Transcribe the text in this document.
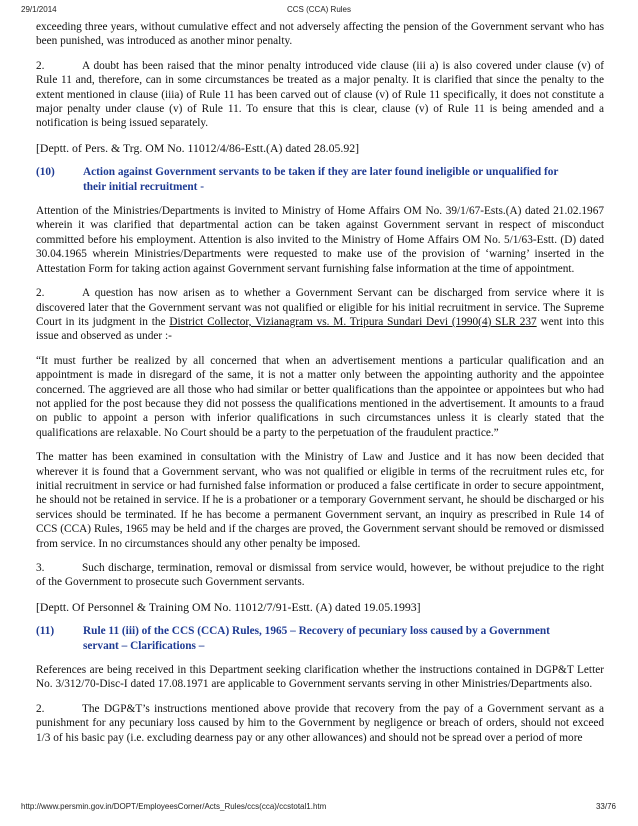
29/1/2014	CCS (CCA) Rules

exceeding three years, without cumulative effect and not adversely affecting the pension of the Government servant who has been punished, was introduced as another minor penalty.

2.	A doubt has been raised that the minor penalty introduced vide clause (iii a) is also covered under clause (v) of Rule 11 and, therefore, can in some circumstances be treated as a major penalty. It is clarified that since the penalty to the extent mentioned in clause (iiia) of Rule 11 has been carved out of clause (v) of Rule 11 specifically, it does not constitute a major penalty under clause (v) of Rule 11. To ensure that this is clear, clause (v) of Rule 11 is being amended and a notification is being issued separately.

[Deptt. of Pers. & Trg. OM No. 11012/4/86-Estt.(A) dated 28.05.92]
(10) Action against Government servants to be taken if they are later found ineligible or unqualified for
their initial recruitment -

Attention of the Ministries/Departments is invited to Ministry of Home Affairs OM No. 39/1/67-Ests.(A) dated 21.02.1967 wherein it was clarified that departmental action can be taken against Government servant in respect of misconduct committed before his employment. Attention is also invited to the Ministry of Home Affairs OM No. 5/1/63-Estt. (D) dated 30.04.1965 wherein Ministries/Departments were requested to make use of the provision of ‘warning’ inserted in the Attestation Form for taking action against Government servant furnishing false information at the time of appointment.

2.	A question has now arisen as to whether a Government Servant can be discharged from service where it is discovered later that the Government servant was not qualified or eligible for his initial recruitment in service. The Supreme Court in its judgment in the District Collector, Vizianagram vs. M. Tripura Sundari Devi (1990(4) SLR 237 went into this issue and observed as under :-

“It must further be realized by all concerned that when an advertisement mentions a particular qualification and an appointment is made in disregard of the same, it is not a matter only between the appointing authority and the appointee concerned. The aggrieved are all those who had similar or better qualifications than the appointee or appointees but who had not applied for the post because they did not possess the qualifications mentioned in the advertisement. It amounts to a fraud on public to appoint a person with inferior qualifications in such circumstances unless it is clearly stated that the qualifications are relaxable. No Court should be a party to the perpetuation of the fraudulent practice.”

The matter has been examined in consultation with the Ministry of Law and Justice and it has now been decided that wherever it is found that a Government servant, who was not qualified or eligible in terms of the recruitment rules etc, for initial recruitment in service or had furnished false information or produced a false certificate in order to secure appointment, he should not be retained in service. If he is a probationer or a temporary Government servant, he should be discharged or his services should be terminated. If he has become a permanent Government servant, an inquiry as prescribed in Rule 14 of CCS (CCA) Rules, 1965 may be held and if the charges are proved, the Government servant should be removed or dismissed from service. In no circumstances should any other penalty be imposed.

3.	Such discharge, termination, removal or dismissal from service would, however, be without prejudice to the right of the Government to prosecute such Government servants.

[Deptt. Of Personnel & Training OM No. 11012/7/91-Estt. (A) dated 19.05.1993]
(11)	Rule 11 (iii) of the CCS (CCA) Rules, 1965 – Recovery of pecuniary loss caused by a Government
servant – Clarifications –

References are being received in this Department seeking clarification whether the instructions contained in DGP&T Letter No. 3/312/70-Disc-I dated 17.08.1971 are applicable to Government servants serving in other Ministries/Departments also.

2.	The DGP&T’s instructions mentioned above provide that recovery from the pay of a Government servant as a punishment for any pecuniary loss caused by him to the Government by negligence or breach of orders, should not exceed 1/3 of his basic pay (i.e. excluding dearness pay or any other allowances) and should not be spread over a period of more

http://www.persmin.gov.in/DOPT/EmployeesCorner/Acts_Rules/ccs(cca)/ccstotal1.htm	33/76
